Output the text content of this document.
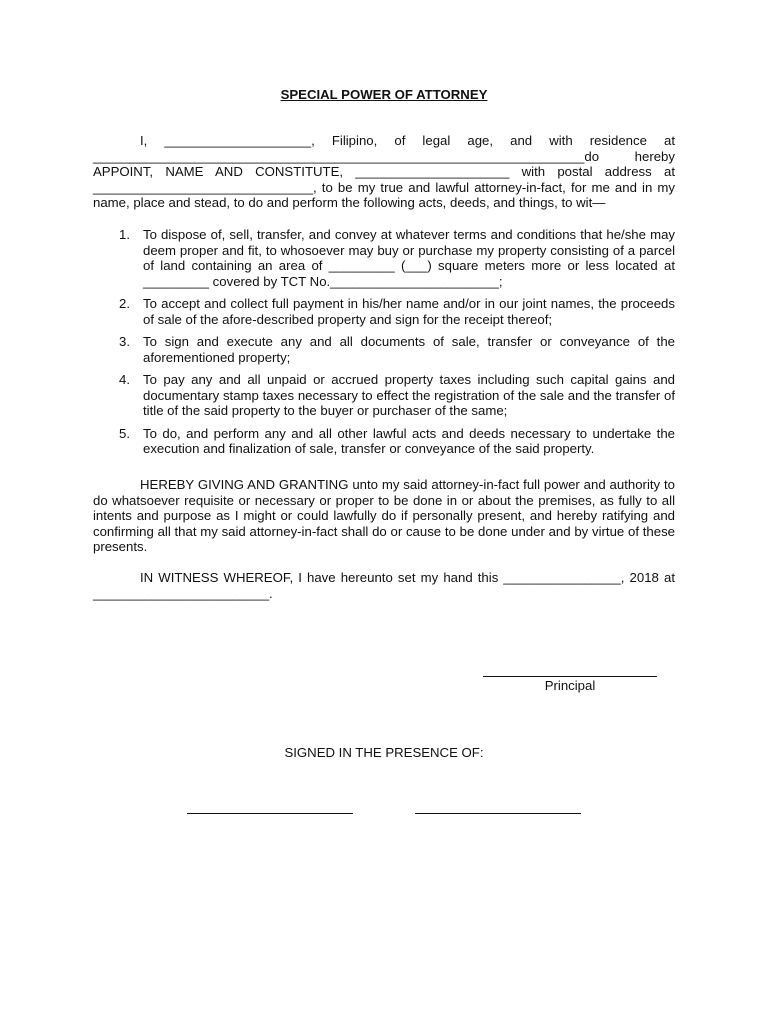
SPECIAL POWER OF ATTORNEY

I, ____________________, Filipino, of legal age, and with residence at ___________________________________________________________________do hereby APPOINT, NAME AND CONSTITUTE, _____________________ with postal address at ______________________________, to be my true and lawful attorney-in-fact, for me and in my name, place and stead, to do and perform the following acts, deeds, and things, to wit—

1. To dispose of, sell, transfer, and convey at whatever terms and conditions that he/she may deem proper and fit, to whosoever may buy or purchase my property consisting of a parcel of land containing an area of _________ (___) square meters more or less located at _________ covered by TCT No._______________________;
2. To accept and collect full payment in his/her name and/or in our joint names, the proceeds of sale of the afore-described property and sign for the receipt thereof;
3. To sign and execute any and all documents of sale, transfer or conveyance of the aforementioned property;
4. To pay any and all unpaid or accrued property taxes including such capital gains and documentary stamp taxes necessary to effect the registration of the sale and the transfer of title of the said property to the buyer or purchaser of the same;
5. To do, and perform any and all other lawful acts and deeds necessary to undertake the execution and finalization of sale, transfer or conveyance of the said property.

HEREBY GIVING AND GRANTING unto my said attorney-in-fact full power and authority to do whatsoever requisite or necessary or proper to be done in or about the premises, as fully to all intents and purpose as I might or could lawfully do if personally present, and hereby ratifying and confirming all that my said attorney-in-fact shall do or cause to be done under and by virtue of these presents.

IN WITNESS WHEREOF, I have hereunto set my hand this ________________, 2018 at ________________________.

Principal
SIGNED IN THE PRESENCE OF:
